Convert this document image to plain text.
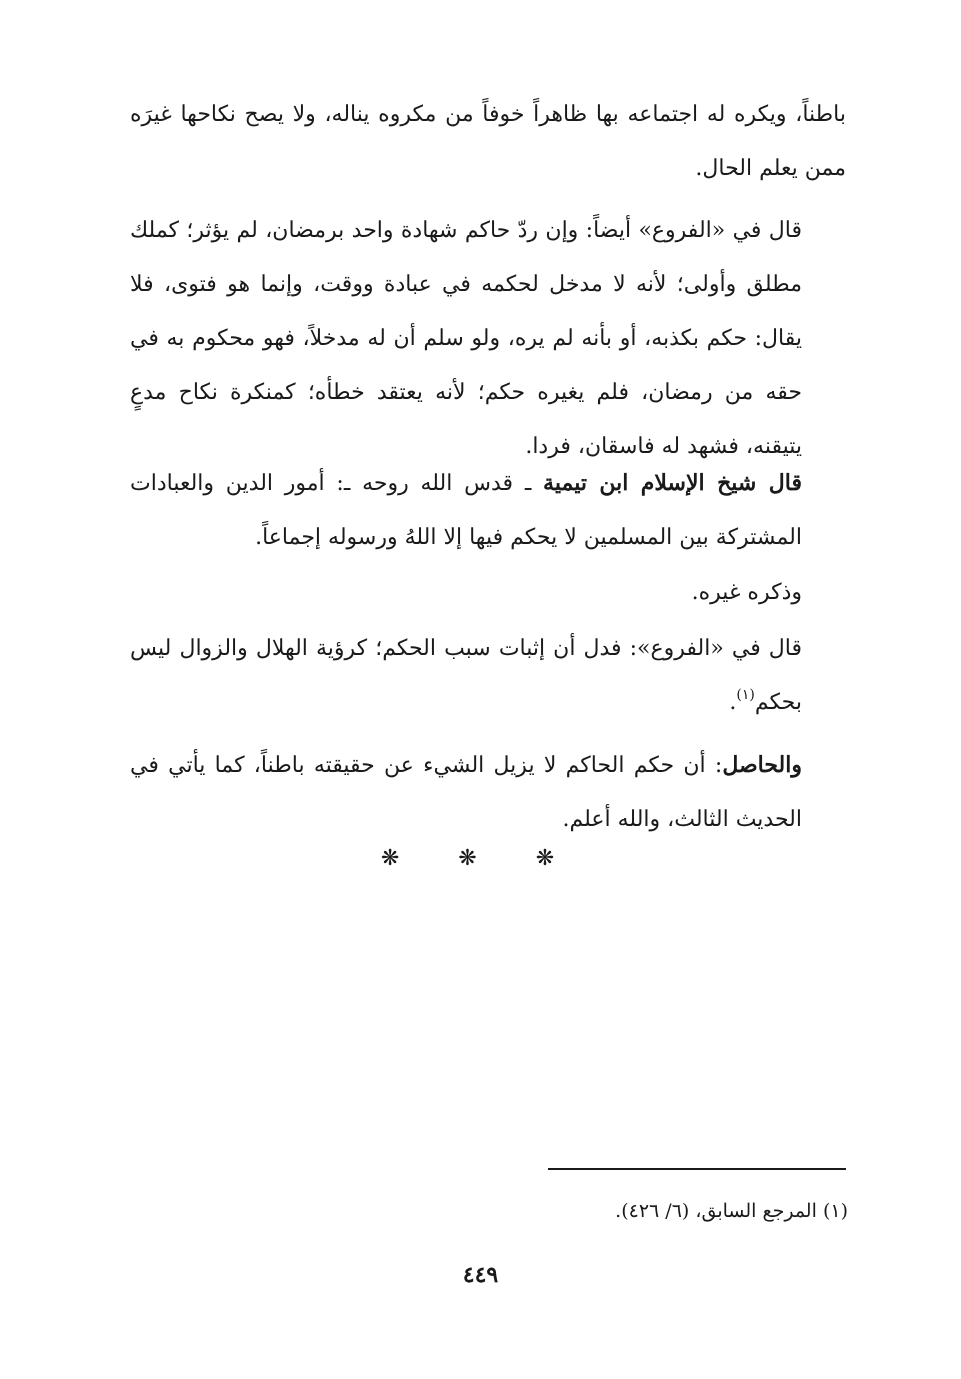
باطناً، ويكره له اجتماعه بها ظاهراً خوفاً من مكروه يناله، ولا يصح نكاحها غيرَه ممن يعلم الحال.

قال في «الفروع» أيضاً: وإن ردّ حاكم شهادة واحد برمضان، لم يؤثر؛ كملك مطلق وأولى؛ لأنه لا مدخل لحكمه في عبادة ووقت، وإنما هو فتوى، فلا يقال: حكم بكذبه، أو بأنه لم يره، ولو سلم أن له مدخلاً، فهو محكوم به في حقه من رمضان، فلم يغيره حكم؛ لأنه يعتقد خطأه؛ كمنكرة نكاح مدعٍ يتيقنه، فشهد له فاسقان، فردا.

قال شيخ الإسلام ابن تيمية ـ قدس الله روحه ـ: أمور الدين والعبادات المشتركة بين المسلمين لا يحكم فيها إلا اللهُ ورسوله إجماعاً.

وذكره غيره.

قال في «الفروع»: فدل أن إثبات سبب الحكم؛ كرؤية الهلال والزوال ليس بحكم$^{(١)}$.

والحاصل: أن حكم الحاكم لا يزيل الشيء عن حقيقته باطناً، كما يأتي في الحديث الثالث، والله أعلم.

❋ ❋ ❋
(١) المرجع السابق، (٦/ ٤٢٦).
٤٤٩
